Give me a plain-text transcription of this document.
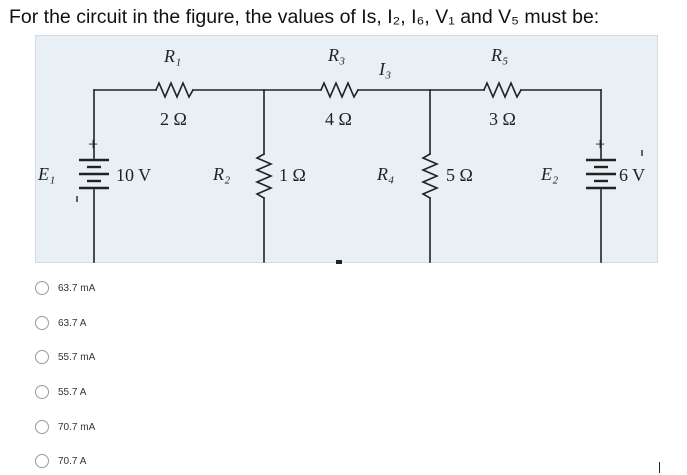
For the circuit in the figure, the values of Is, I₂, I₆, V₁ and V₅ must be:
R₁
2 Ω
R₃
I₃
4 Ω
R₅
3 Ω
+
E₁	10 V	R₂	1 Ω	R₄	5 Ω
+
E₂	6 V
63.7 mA
63.7 A
55.7 mA
55.7 A
70.7 mA
70.7 A
